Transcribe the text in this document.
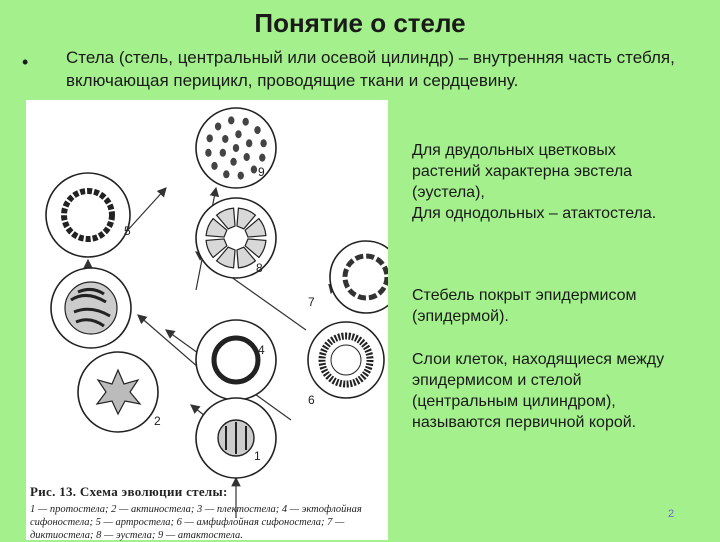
Понятие о стеле
• Стела (стель, центральный или осевой цилиндр) – внутренняя часть стебля, включающая перицикл, проводящие ткани и сердцевину.
1
2
4
5
6
7
8
9
Рис. 13. Схема эволюции стелы:
1 — протостела; 2 — актиностела; 3 — плектостела; 4 — эктофлойная сифоностела; 5 — артростела; 6 — амфифлойная сифоностела; 7 — диктиостела; 8 — эустела; 9 — атактостела.
Для двудольных цветковых
растений характерна эвстела
(эустела),
Для однодольных – атактостела.
Стебель покрыт эпидермисом
(эпидермой).
Слои клеток, находящиеся между
эпидермисом и стелой
(центральным цилиндром),
называются первичной корой.
2
